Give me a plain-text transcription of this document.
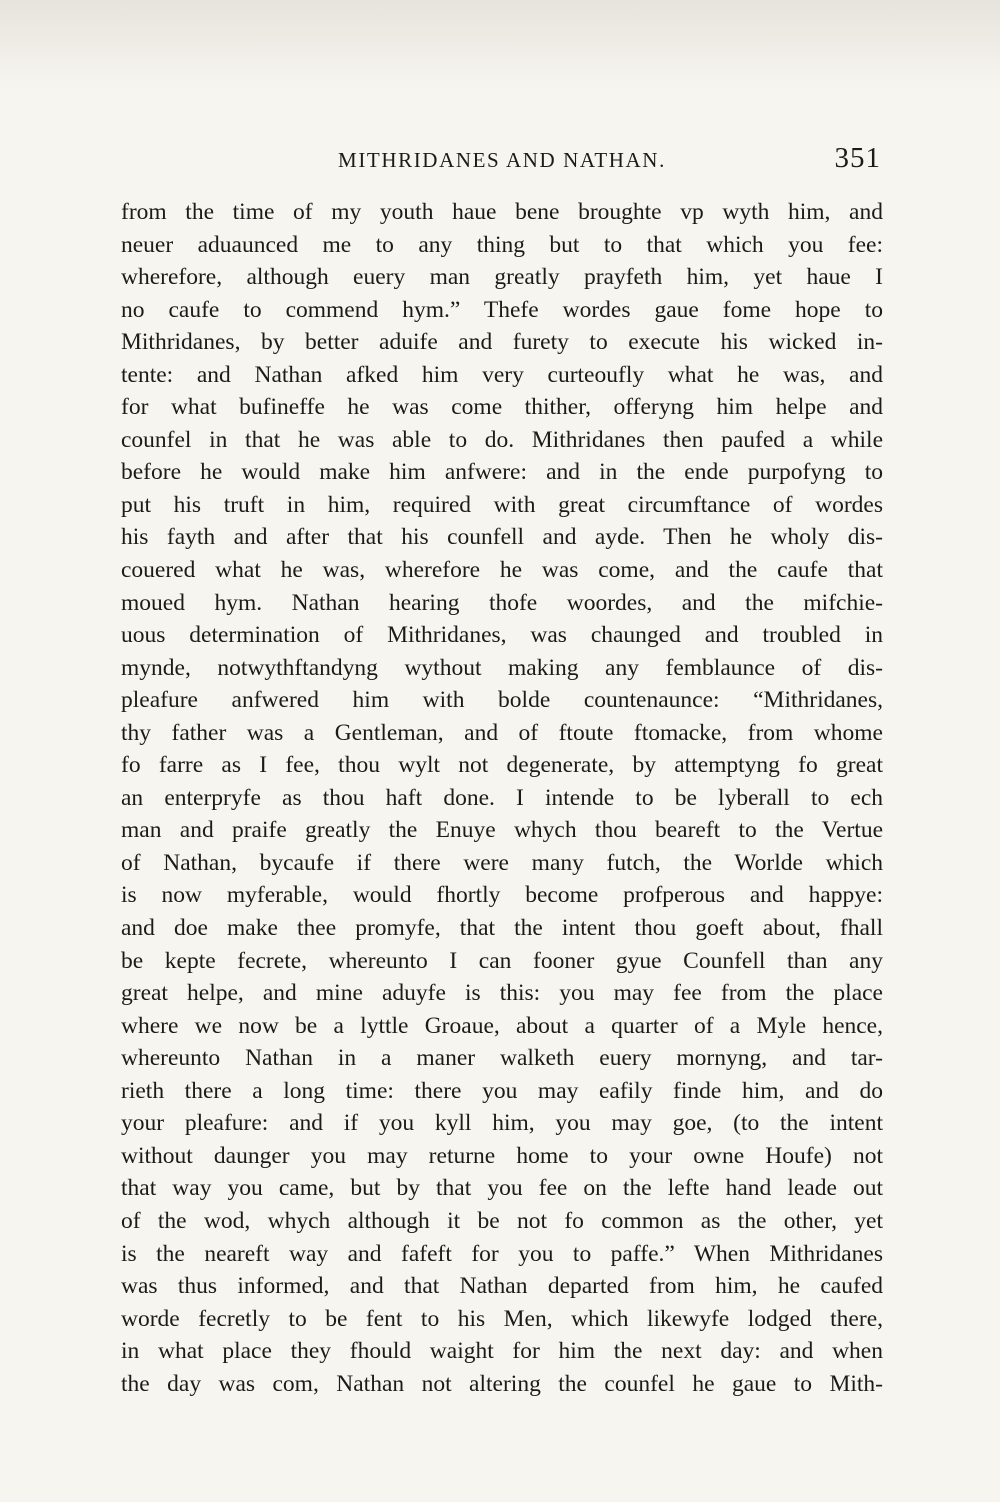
MITHRIDANES AND NATHAN.	351
from the time of my youth haue bene broughte vp wyth him, and
neuer aduaunced me to any thing but to that which you fee:
wherefore, although euery man greatly prayfeth him, yet haue I
no caufe to commend hym.” Thefe wordes gaue fome hope to
Mithridanes, by better aduife and furety to execute his wicked in-
tente: and Nathan afked him very curteoufly what he was, and
for what bufineffe he was come thither, offeryng him helpe and
counfel in that he was able to do. Mithridanes then paufed a while
before he would make him anfwere: and in the ende purpofyng to
put his truft in him, required with great circumftance of wordes
his fayth and after that his counfell and ayde. Then he wholy dis-
couered what he was, wherefore he was come, and the caufe that
moued hym. Nathan hearing thofe woordes, and the mifchie-
uous determination of Mithridanes, was chaunged and troubled in
mynde, notwythftandyng wythout making any femblaunce of dis-
pleafure anfwered him with bolde countenaunce: “Mithridanes,
thy father was a Gentleman, and of ftoute ftomacke, from whome
fo farre as I fee, thou wylt not degenerate, by attemptyng fo great
an enterpryfe as thou haft done. I intende to be lyberall to ech
man and praife greatly the Enuye whych thou beareft to the Vertue
of Nathan, bycaufe if there were many futch, the Worlde which
is now myferable, would fhortly become profperous and happye:
and doe make thee promyfe, that the intent thou goeft about, fhall
be kepte fecrete, whereunto I can fooner gyue Counfell than any
great helpe, and mine aduyfe is this: you may fee from the place
where we now be a lyttle Groaue, about a quarter of a Myle hence,
whereunto Nathan in a maner walketh euery mornyng, and tar-
rieth there a long time: there you may eafily finde him, and do
your pleafure: and if you kyll him, you may goe, (to the intent
without daunger you may returne home to your owne Houfe) not
that way you came, but by that you fee on the lefte hand leade out
of the wod, whych although it be not fo common as the other, yet
is the neareft way and fafeft for you to paffe.” When Mithridanes
was thus informed, and that Nathan departed from him, he caufed
worde fecretly to be fent to his Men, which likewyfe lodged there,
in what place they fhould waight for him the next day: and when
the day was com, Nathan not altering the counfel he gaue to Mith-
